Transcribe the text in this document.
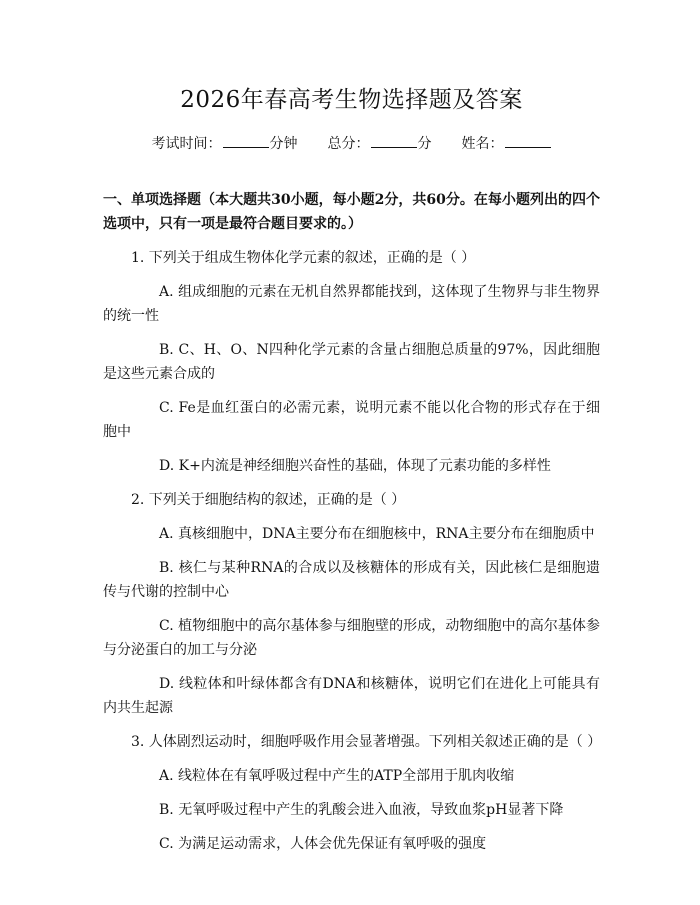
2026年春高考生物选择题及答案
考试时间：	分钟 总分：	分 姓名：
一、单项选择题（本大题共30小题，每小题2分，共60分。在每小题列出的四个选项中，只有一项是最符合题目要求的。）
1. 下列关于组成生物体化学元素的叙述，正确的是（ ）
A. 组成细胞的元素在无机自然界都能找到，这体现了生物界与非生物界的统一性
B. C、H、O、N四种化学元素的含量占细胞总质量的97%，因此细胞是这些元素合成的
C. Fe是血红蛋白的必需元素，说明元素不能以化合物的形式存在于细胞中
D. K+内流是神经细胞兴奋性的基础，体现了元素功能的多样性
2. 下列关于细胞结构的叙述，正确的是（ ）
A. 真核细胞中，DNA主要分布在细胞核中，RNA主要分布在细胞质中
B. 核仁与某种RNA的合成以及核糖体的形成有关，因此核仁是细胞遗传与代谢的控制中心
C. 植物细胞中的高尔基体参与细胞壁的形成，动物细胞中的高尔基体参与分泌蛋白的加工与分泌
D. 线粒体和叶绿体都含有DNA和核糖体，说明它们在进化上可能具有内共生起源
3. 人体剧烈运动时，细胞呼吸作用会显著增强。下列相关叙述正确的是（ ）
A. 线粒体在有氧呼吸过程中产生的ATP全部用于肌肉收缩
B. 无氧呼吸过程中产生的乳酸会进入血液，导致血浆pH显著下降
C. 为满足运动需求，人体会优先保证有氧呼吸的强度
